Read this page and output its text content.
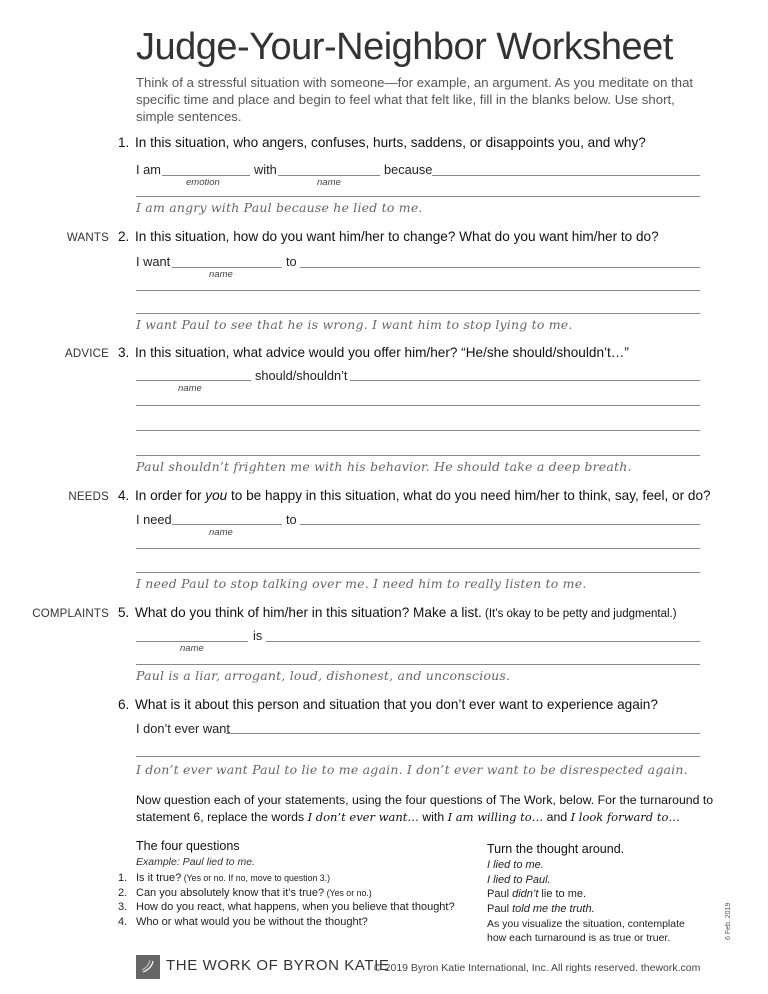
Judge-Your-Neighbor Worksheet
Think of a stressful situation with someone—for example, an argument. As you meditate on that specific time and place and begin to feel what that felt like, fill in the blanks below. Use short, simple sentences.
1. In this situation, who angers, confuses, hurts, saddens, or disappoints you, and why?
I am	with	because
emotion	name
I am angry with Paul because he lied to me.
WANTS 2. In this situation, how do you want him/her to change? What do you want him/her to do?
I want	to
name
I want Paul to see that he is wrong. I want him to stop lying to me.
ADVICE 3. In this situation, what advice would you offer him/her? “He/she should/shouldn’t…”
should/shouldn’t
name
Paul shouldn’t frighten me with his behavior. He should take a deep breath.
NEEDS 4. In order for you to be happy in this situation, what do you need him/her to think, say, feel, or do?
I need	to
name
I need Paul to stop talking over me. I need him to really listen to me.
COMPLAINTS 5. What do you think of him/her in this situation? Make a list. (It’s okay to be petty and judgmental.)
is
name
Paul is a liar, arrogant, loud, dishonest, and unconscious.
6. What is it about this person and situation that you don’t ever want to experience again?
I don’t ever want
I don’t ever want Paul to lie to me again. I don’t ever want to be disrespected again.
Now question each of your statements, using the four questions of The Work, below. For the turnaround to statement 6, replace the words I don’t ever want… with I am willing to… and I look forward to…
The four questions
Example: Paul lied to me.
1. Is it true? (Yes or no. If no, move to question 3.)
2. Can you absolutely know that it’s true? (Yes or no.)
3. How do you react, what happens, when you believe that thought?
4. Who or what would you be without the thought?
Turn the thought around.
I lied to me.
I lied to Paul.
Paul didn’t lie to me.
Paul told me the truth.
As you visualize the situation, contemplate how each turnaround is as true or truer.
THE WORK OF BYRON KATIE
© 2019 Byron Katie International, Inc. All rights reserved. thework.com
6 Feb. 2019
